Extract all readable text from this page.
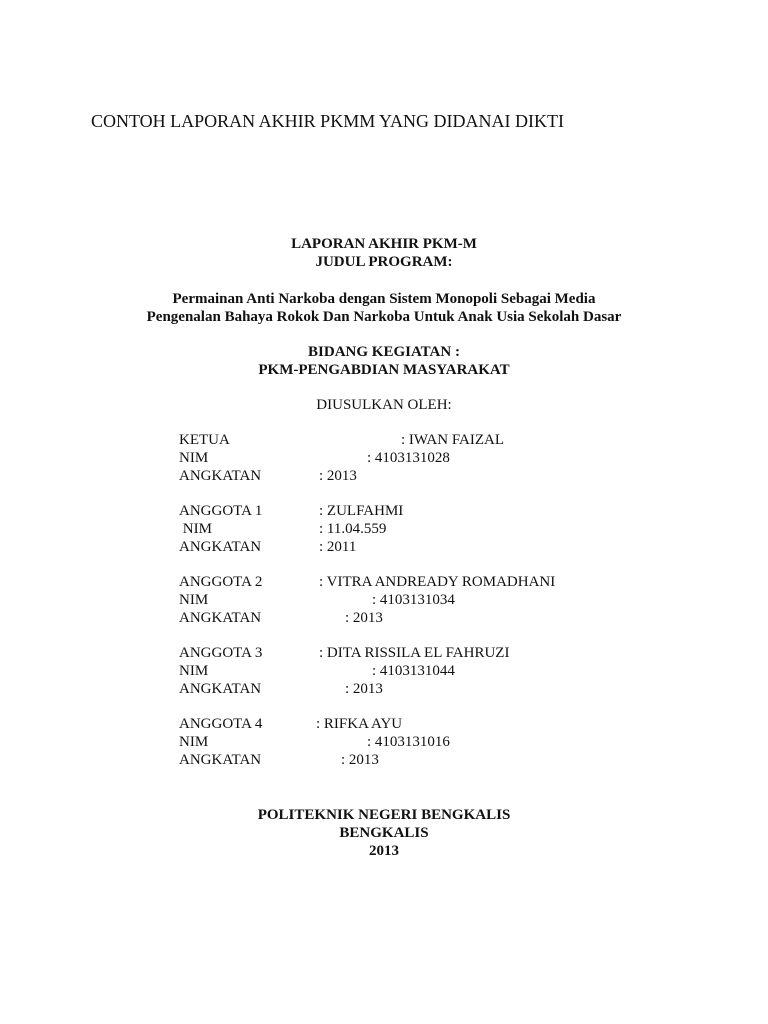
CONTOH LAPORAN AKHIR PKMM YANG DIDANAI DIKTI
LAPORAN AKHIR PKM-M
JUDUL PROGRAM:
Permainan Anti Narkoba dengan Sistem Monopoli Sebagai Media
Pengenalan Bahaya Rokok Dan Narkoba Untuk Anak Usia Sekolah Dasar
BIDANG KEGIATAN :
PKM-PENGABDIAN MASYARAKAT
DIUSULKAN OLEH:
KETUA	: IWAN FAIZAL
NIM	: 4103131028
ANGKATAN	: 2013
ANGGOTA 1	: ZULFAHMI
NIM	: 11.04.559
ANGKATAN	: 2011
ANGGOTA 2	: VITRA ANDREADY ROMADHANI
NIM	: 4103131034
ANGKATAN	: 2013
ANGGOTA 3	: DITA RISSILA EL FAHRUZI
NIM	: 4103131044
ANGKATAN	: 2013
ANGGOTA 4	: RIFKA AYU
NIM	: 4103131016
ANGKATAN	: 2013
POLITEKNIK NEGERI BENGKALIS
BENGKALIS
2013
